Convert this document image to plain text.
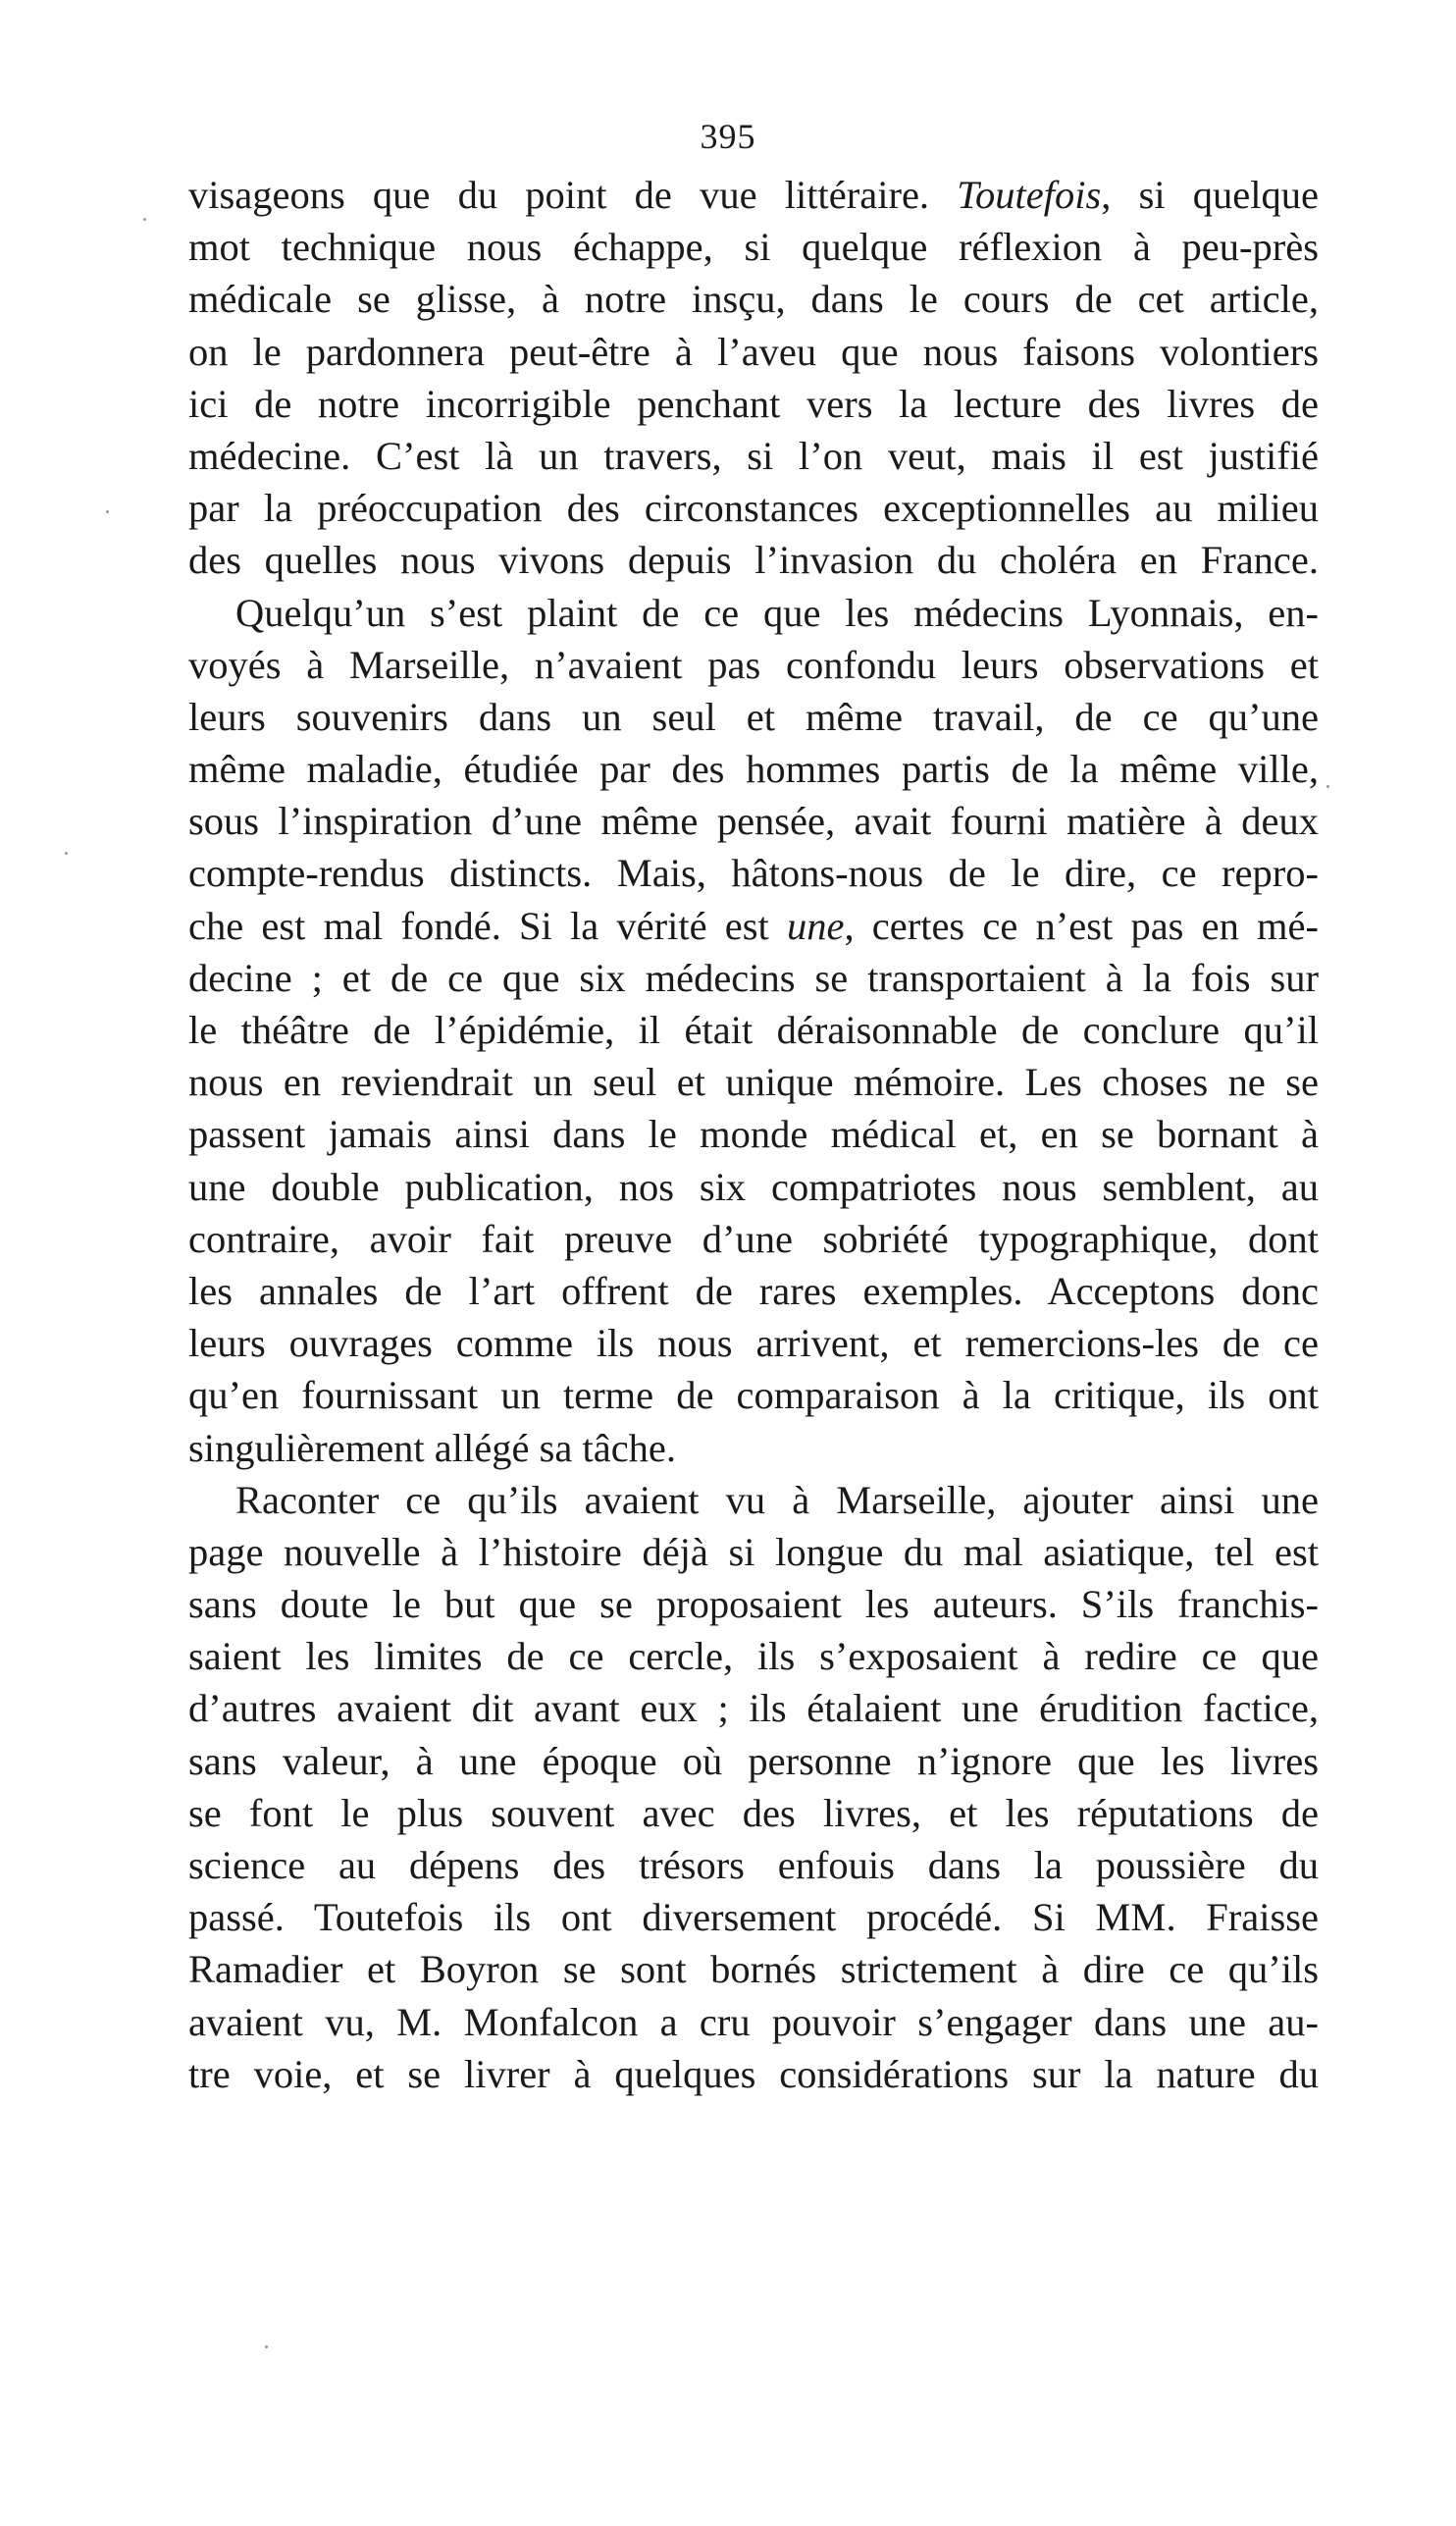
395
visageons que du point de vue littéraire. Toutefois, si quelque
mot technique nous échappe, si quelque réflexion à peu-près
médicale se glisse, à notre insçu, dans le cours de cet article,
on le pardonnera peut-être à l’aveu que nous faisons volontiers
ici de notre incorrigible penchant vers la lecture des livres de
médecine. C’est là un travers, si l’on veut, mais il est justifié
par la préoccupation des circonstances exceptionnelles au milieu
des quelles nous vivons depuis l’invasion du choléra en France.
Quelqu’un s’est plaint de ce que les médecins Lyonnais, en-
voyés à Marseille, n’avaient pas confondu leurs observations et
leurs souvenirs dans un seul et même travail, de ce qu’une
même maladie, étudiée par des hommes partis de la même ville,
sous l’inspiration d’une même pensée, avait fourni matière à deux
compte-rendus distincts. Mais, hâtons-nous de le dire, ce repro-
che est mal fondé. Si la vérité est une, certes ce n’est pas en mé-
decine ; et de ce que six médecins se transportaient à la fois sur
le théâtre de l’épidémie, il était déraisonnable de conclure qu’il
nous en reviendrait un seul et unique mémoire. Les choses ne se
passent jamais ainsi dans le monde médical et, en se bornant à
une double publication, nos six compatriotes nous semblent, au
contraire, avoir fait preuve d’une sobriété typographique, dont
les annales de l’art offrent de rares exemples. Acceptons donc
leurs ouvrages comme ils nous arrivent, et remercions-les de ce
qu’en fournissant un terme de comparaison à la critique, ils ont
singulièrement allégé sa tâche.
Raconter ce qu’ils avaient vu à Marseille, ajouter ainsi une
page nouvelle à l’histoire déjà si longue du mal asiatique, tel est
sans doute le but que se proposaient les auteurs. S’ils franchis-
saient les limites de ce cercle, ils s’exposaient à redire ce que
d’autres avaient dit avant eux ; ils étalaient une érudition factice,
sans valeur, à une époque où personne n’ignore que les livres
se font le plus souvent avec des livres, et les réputations de
science au dépens des trésors enfouis dans la poussière du
passé. Toutefois ils ont diversement procédé. Si MM. Fraisse
Ramadier et Boyron se sont bornés strictement à dire ce qu’ils
avaient vu, M. Monfalcon a cru pouvoir s’engager dans une au-
tre voie, et se livrer à quelques considérations sur la nature du
